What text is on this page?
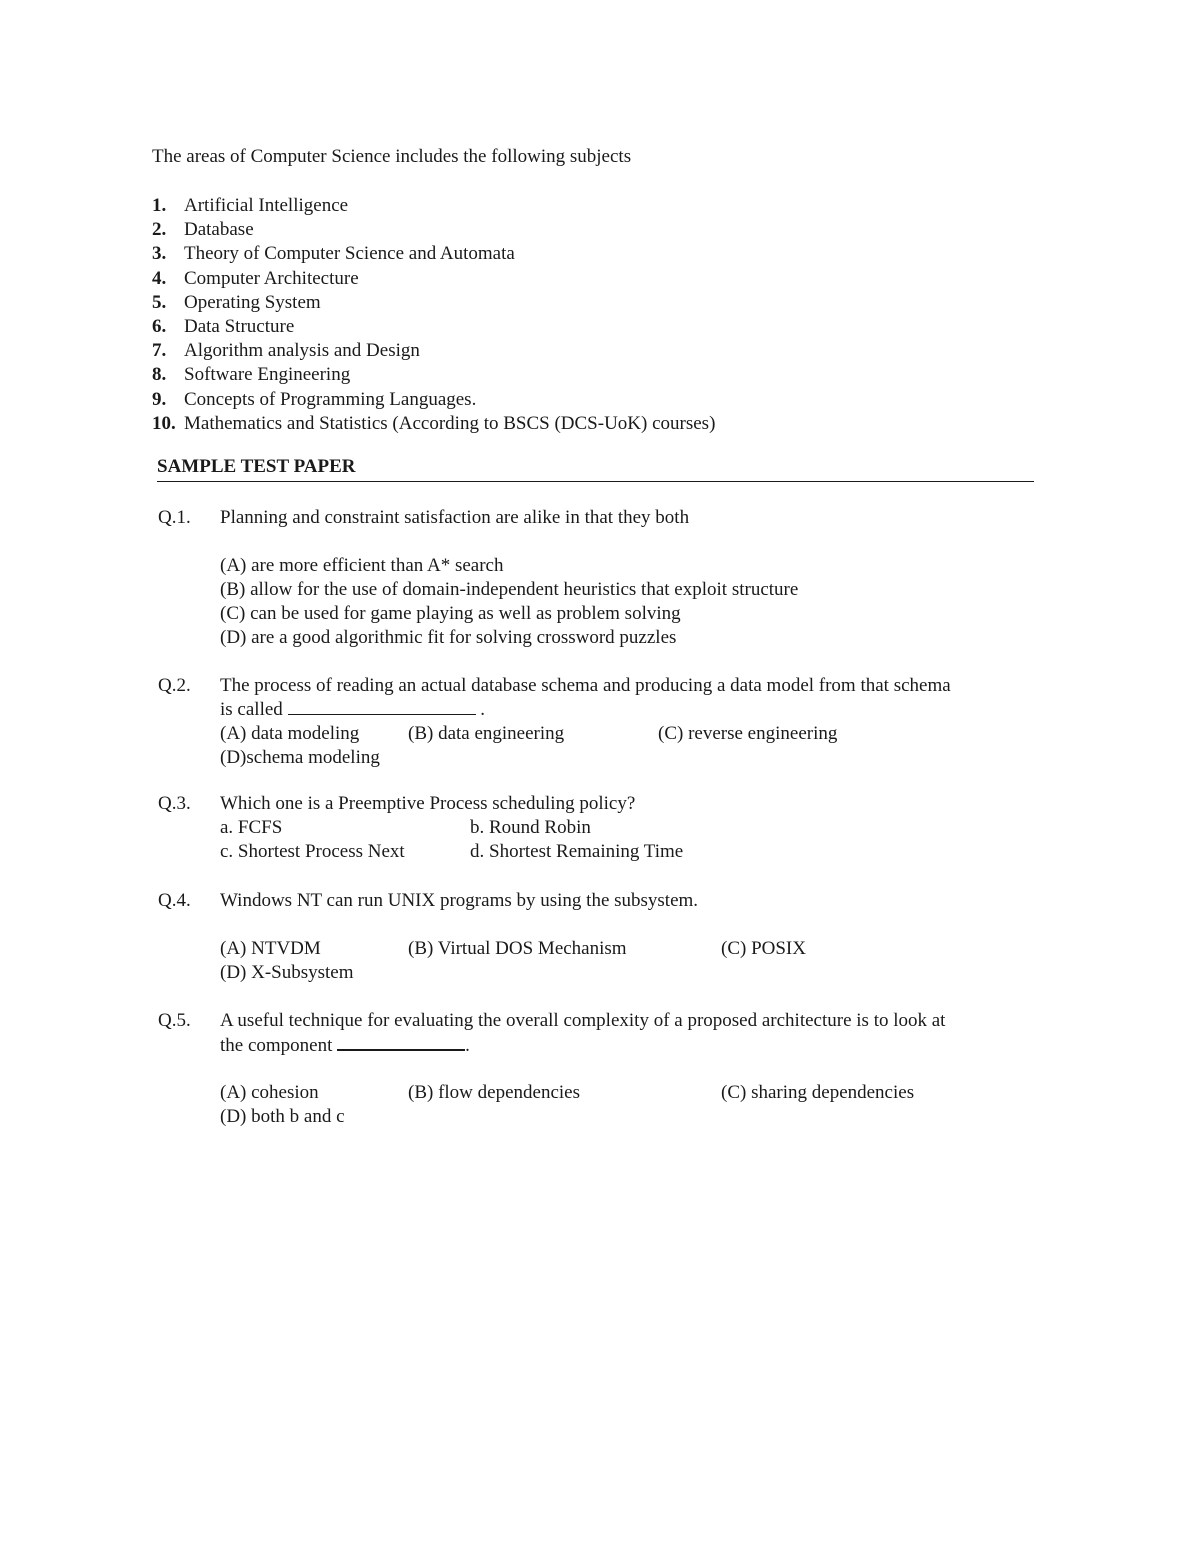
The areas of Computer Science includes the following subjects
1. Artificial Intelligence
2. Database
3. Theory of Computer Science and Automata
4. Computer Architecture
5. Operating System
6. Data Structure
7. Algorithm analysis and Design
8. Software Engineering
9. Concepts of Programming Languages.
10. Mathematics and Statistics (According to BSCS (DCS-UoK) courses)
SAMPLE TEST PAPER
Q.1. Planning and constraint satisfaction are alike in that they both
(A) are more efficient than A* search
(B) allow for the use of domain-independent heuristics that exploit structure
(C) can be used for game playing as well as problem solving
(D) are a good algorithmic fit for solving crossword puzzles
Q.2. The process of reading an actual database schema and producing a data model from that schema
is called	.
(A) data modeling	(B) data engineering	(C) reverse engineering
(D)schema modeling
Q.3. Which one is a Preemptive Process scheduling policy?
a. FCFS	b. Round Robin
c. Shortest Process Next	d. Shortest Remaining Time
Q.4. Windows NT can run UNIX programs by using the subsystem.
(A) NTVDM	(B) Virtual DOS Mechanism	(C) POSIX
(D) X-Subsystem
Q.5. A useful technique for evaluating the overall complexity of a proposed architecture is to look at
the component	.
(A) cohesion	(B) flow dependencies	(C) sharing dependencies
(D) both b and c
